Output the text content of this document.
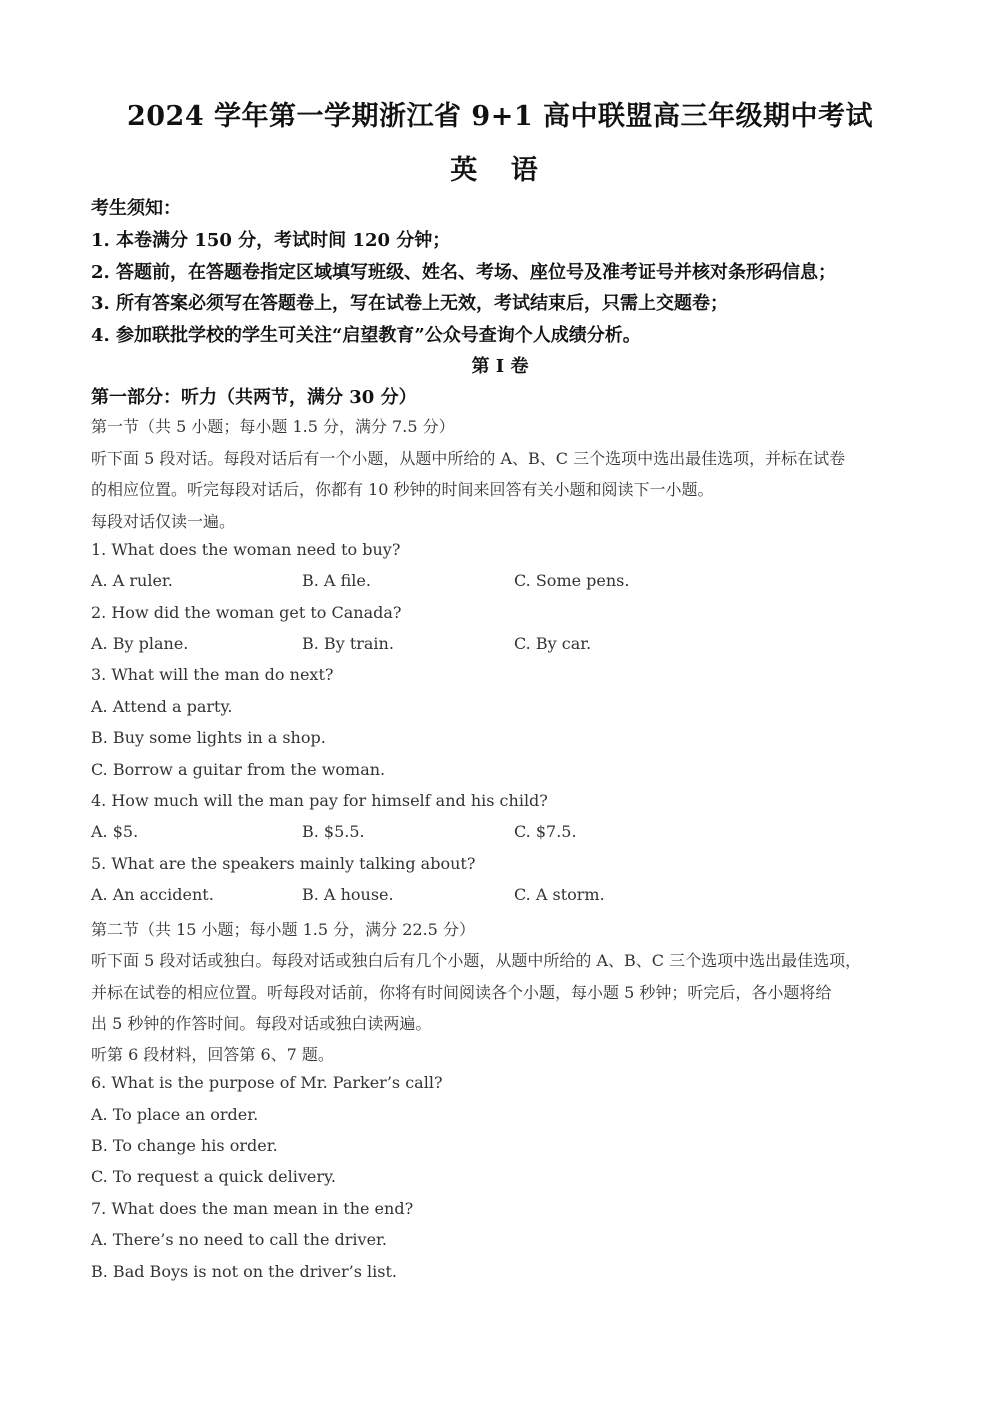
2024 学年第一学期浙江省 9+1 高中联盟高三年级期中考试
英 语
考生须知：
1. 本卷满分 150 分，考试时间 120 分钟；
2. 答题前，在答题卷指定区域填写班级、姓名、考场、座位号及准考证号并核对条形码信息；
3. 所有答案必须写在答题卷上，写在试卷上无效，考试结束后，只需上交题卷；
4. 参加联批学校的学生可关注“启望教育”公众号查询个人成绩分析。
第 I 卷
第一部分：听力（共两节，满分 30 分）
第一节（共 5 小题；每小题 1.5 分，满分 7.5 分）
听下面 5 段对话。每段对话后有一个小题，从题中所给的 A、B、C 三个选项中选出最佳选项，并标在试卷
的相应位置。听完每段对话后，你都有 10 秒钟的时间来回答有关小题和阅读下一小题。
每段对话仅读一遍。
1. What does the woman need to buy?
A. A ruler.	B. A file.	C. Some pens.
2. How did the woman get to Canada?
A. By plane.	B. By train.	C. By car.
3. What will the man do next?
A. Attend a party.
B. Buy some lights in a shop.
C. Borrow a guitar from the woman.
4. How much will the man pay for himself and his child?
A. $5.	B. $5.5.	C. $7.5.
5. What are the speakers mainly talking about?
A. An accident.	B. A house.	C. A storm.
第二节（共 15 小题；每小题 1.5 分，满分 22.5 分）
听下面 5 段对话或独白。每段对话或独白后有几个小题，从题中所给的 A、B、C 三个选项中选出最佳选项，
并标在试卷的相应位置。听每段对话前，你将有时间阅读各个小题，每小题 5 秒钟；听完后，各小题将给
出 5 秒钟的作答时间。每段对话或独白读两遍。
听第 6 段材料，回答第 6、7 题。
6. What is the purpose of Mr. Parker’s call?
A. To place an order.
B. To change his order.
C. To request a quick delivery.
7. What does the man mean in the end?
A. There’s no need to call the driver.
B. Bad Boys is not on the driver’s list.
